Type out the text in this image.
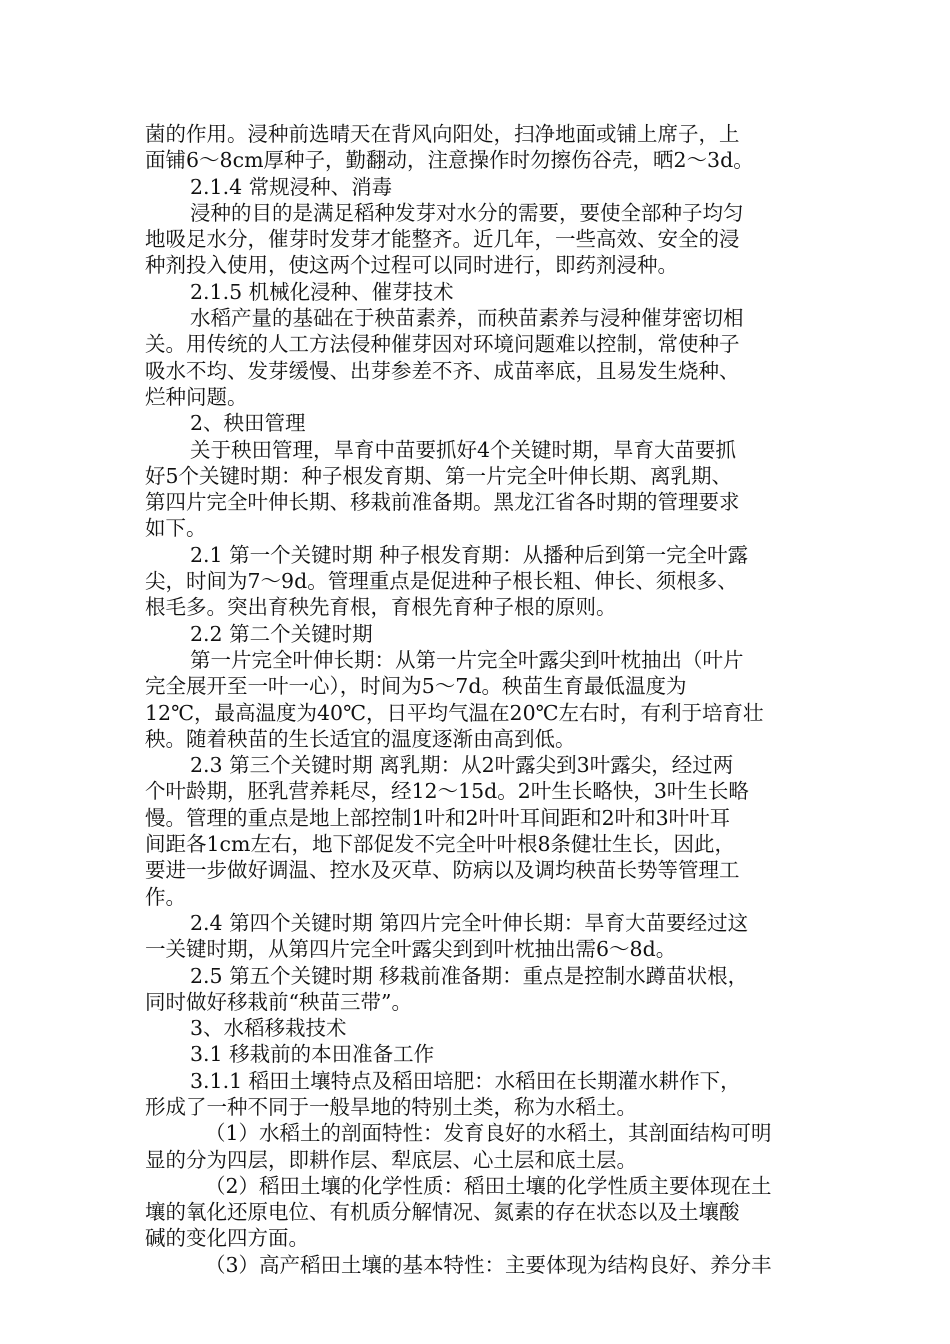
菌的作用。浸种前选晴天在背风向阳处，扫净地面或铺上席子，上
面铺6～8cm厚种子，勤翻动，注意操作时勿擦伤谷壳，晒2～3d。
2.1.4 常规浸种、消毒
浸种的目的是满足稻种发芽对水分的需要，要使全部种子均匀
地吸足水分，催芽时发芽才能整齐。近几年，一些高效、安全的浸
种剂投入使用，使这两个过程可以同时进行，即药剂浸种。
2.1.5 机械化浸种、催芽技术
水稻产量的基础在于秧苗素养，而秧苗素养与浸种催芽密切相
关。用传统的人工方法侵种催芽因对环境问题难以控制，常使种子
吸水不均、发芽缓慢、出芽参差不齐、成苗率底，且易发生烧种、
烂种问题。
2、秧田管理
关于秧田管理，旱育中苗要抓好4个关键时期，旱育大苗要抓
好5个关键时期：种子根发育期、第一片完全叶伸长期、离乳期、
第四片完全叶伸长期、移栽前准备期。黑龙江省各时期的管理要求
如下。
2.1 第一个关键时期 种子根发育期：从播种后到第一完全叶露
尖，时间为7～9d。管理重点是促进种子根长粗、伸长、须根多、
根毛多。突出育秧先育根，育根先育种子根的原则。
2.2 第二个关键时期
第一片完全叶伸长期：从第一片完全叶露尖到叶枕抽出（叶片
完全展开至一叶一心），时间为5～7d。秧苗生育最低温度为
12℃，最高温度为40℃，日平均气温在20℃左右时，有利于培育壮
秧。随着秧苗的生长适宜的温度逐渐由高到低。
2.3 第三个关键时期 离乳期：从2叶露尖到3叶露尖，经过两
个叶龄期，胚乳营养耗尽，经12～15d。2叶生长略快，3叶生长略
慢。管理的重点是地上部控制1叶和2叶叶耳间距和2叶和3叶叶耳
间距各1cm左右，地下部促发不完全叶叶根8条健壮生长，因此，
要进一步做好调温、控水及灭草、防病以及调均秧苗长势等管理工
作。
2.4 第四个关键时期 第四片完全叶伸长期：旱育大苗要经过这
一关键时期，从第四片完全叶露尖到到叶枕抽出需6～8d。
2.5 第五个关键时期 移栽前准备期：重点是控制水蹲苗状根，
同时做好移栽前“秧苗三带”。
3、水稻移栽技术
3.1 移栽前的本田准备工作
3.1.1 稻田土壤特点及稻田培肥：水稻田在长期灌水耕作下，
形成了一种不同于一般旱地的特别土类，称为水稻土。
（1）水稻土的剖面特性：发育良好的水稻土，其剖面结构可明
显的分为四层，即耕作层、犁底层、心土层和底土层。
（2）稻田土壤的化学性质：稻田土壤的化学性质主要体现在土
壤的氧化还原电位、有机质分解情况、氮素的存在状态以及土壤酸
碱的变化四方面。
（3）高产稻田土壤的基本特性：主要体现为结构良好、养分丰
